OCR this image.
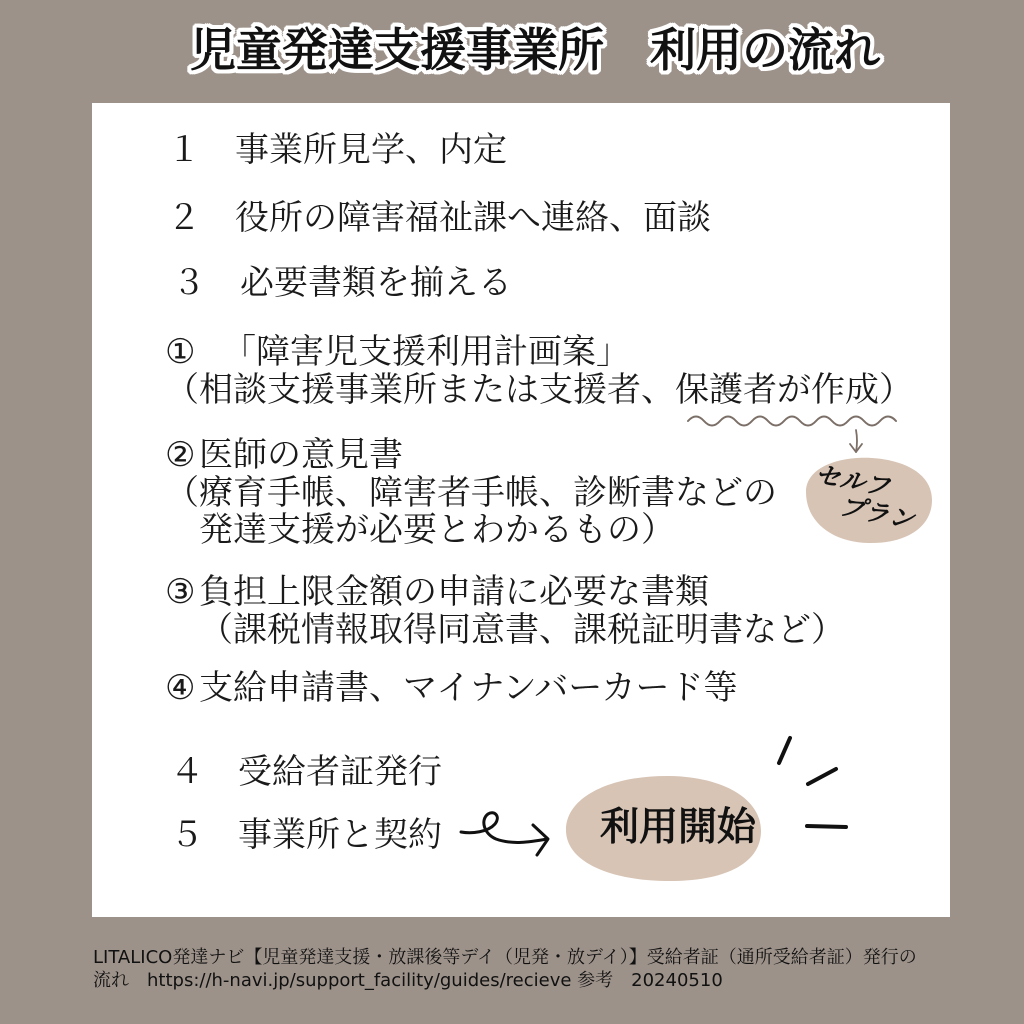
児童発達支援事業所　利用の流れ
１ 事業所見学、内定
２ 役所の障害福祉課へ連絡、面談
３ 必要書類を揃える
① 「障害児支援利用計画案」
（相談支援事業所または支援者、保護者が作成）
② 医師の意見書
（療育手帳、障害者手帳、診断書などの
発達支援が必要とわかるもの）
③ 負担上限金額の申請に必要な書類
（課税情報取得同意書、課税証明書など）
④ 支給申請書、マイナンバーカード等
４ 受給者証発行
５ 事業所と契約
セルフ
プラン
利用開始
LITALICO発達ナビ【児童発達支援・放課後等デイ（児発・放デイ）】受給者証（通所受給者証）発行の
流れ　https://h-navi.jp/support_facility/guides/recieve 参考　20240510
